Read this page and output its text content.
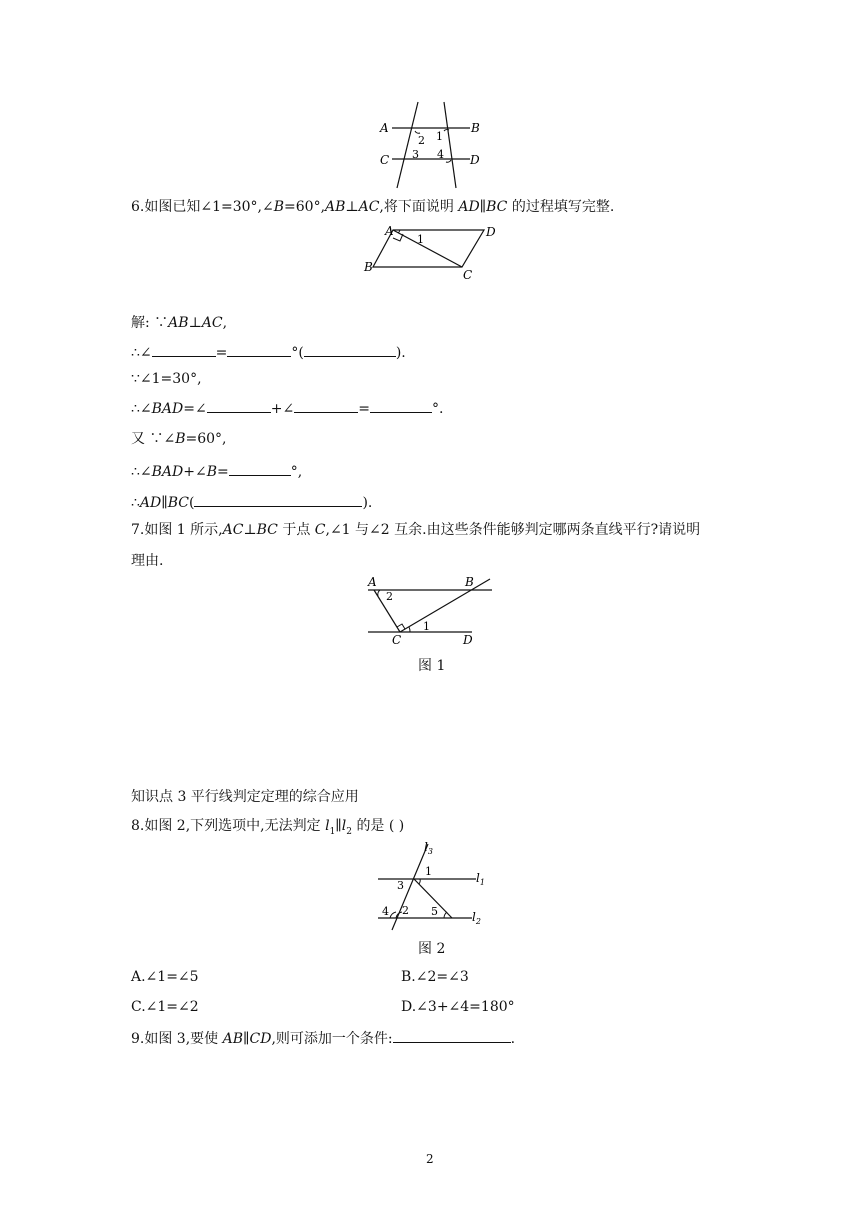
A	B
C	D
1
2
3 4
6.如图已知∠1=30°,∠B=60°,AB⊥AC,将下面说明 AD∥BC 的过程填写完整.
A
B
C
D
1
解: ∵AB⊥AC,
∴∠	=	°(	).
∵∠1=30°,
∴∠BAD=∠	+∠	=	°.
又 ∵∠B=60°,
∴∠BAD+∠B=	°,
∴AD∥BC(	).
7.如图 1 所示,AC⊥BC 于点 C,∠1 与∠2 互余.由这些条件能够判定哪两条直线平行?请说明
理由.
A	B
C	D
1
2
图 1
知识点 3 平行线判定定理的综合应用
8.如图 2,下列选项中,无法判定 $l_1\parallel l_2$ 的是 ( )
$l_3$
$l_1$
$l_2$
1
2
3
4	5
图 2
A.∠1=∠5	B.∠2=∠3
C.∠1=∠2	D.∠3+∠4=180°
9.如图 3,要使 AB∥CD,则可添加一个条件:	.
2
